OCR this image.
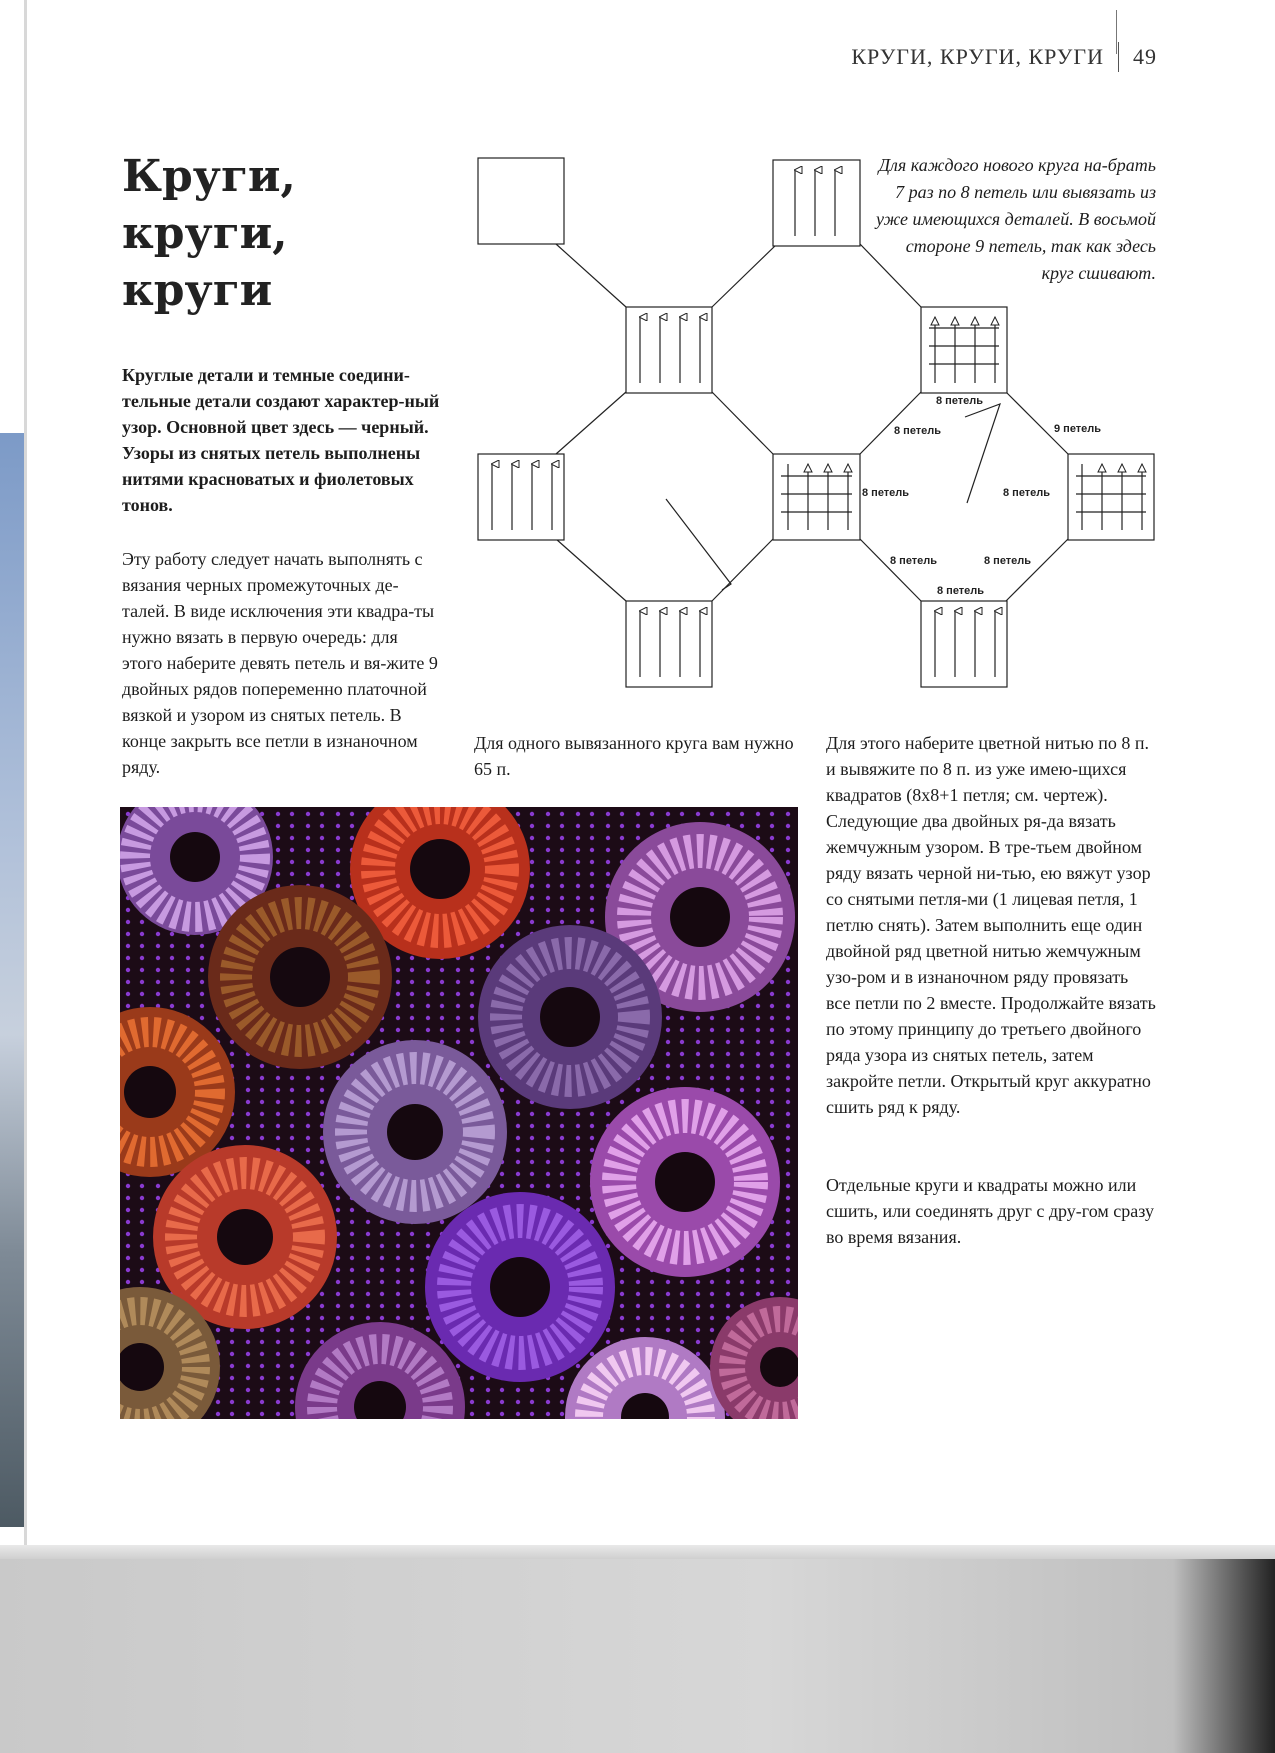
КРУГИ, КРУГИ, КРУГИ 49
Круги,
круги,
круги

Круглые детали и темные соедини-тельные детали создают характер-ный узор. Основной цвет здесь — черный. Узоры из снятых петель выполнены нитями красноватых и фиолетовых тонов.

Эту работу следует начать выполнять с вязания черных промежуточных де-талей. В виде исключения эти квадра-ты нужно вязать в первую очередь: для этого наберите девять петель и вя-жите 9 двойных рядов попеременно платочной вязкой и узором из снятых петель. В конце закрыть все петли в изнаночном ряду.

Для одного вывязанного круга вам нужно 65 п.

Для этого наберите цветной нитью по 8 п. и вывяжите по 8 п. из уже имею-щихся квадратов (8х8+1 петля; см. чертеж). Следующие два двойных ря-да вязать жемчужным узором. В тре-тьем двойном ряду вязать черной ни-тью, ею вяжут узор со снятыми петля-ми (1 лицевая петля, 1 петлю снять). Затем выполнить еще один двойной ряд цветной нитью жемчужным узо-ром и в изнаночном ряду провязать все петли по 2 вместе. Продолжайте вязать по этому принципу до третьего двойного ряда узора из снятых петель, затем закройте петли. Открытый круг аккуратно сшить ряд к ряду.

Отдельные круги и квадраты можно или сшить, или соединять друг с дру-гом сразу во время вязания.

Для каждого нового круга на-брать 7 раз по 8 петель или вывязать из уже имеющихся деталей. В восьмой стороне 9 петель, так как здесь круг сшивают.

8 петель
8 петель	9 петель
8 петель	8 петель
8 петель	8 петель
8 петель
